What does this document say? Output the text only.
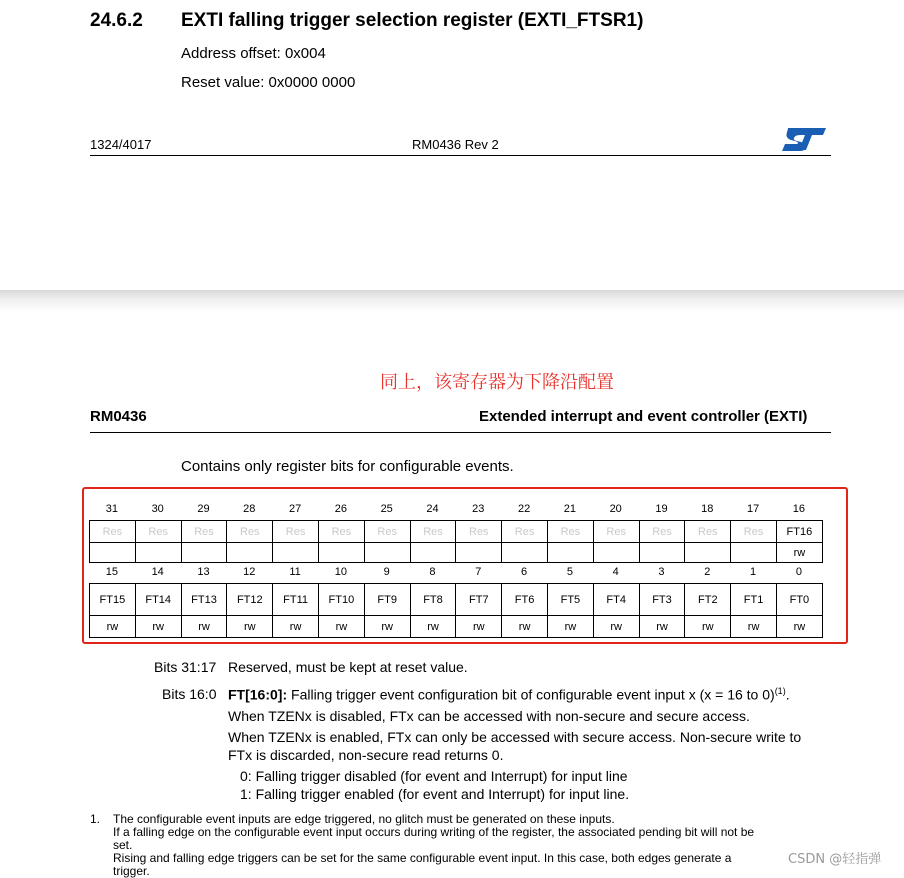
24.6.2 EXTI falling trigger selection register (EXTI_FTSR1)
Address offset: 0x004
Reset value: 0x0000 0000
1324/4017	RM0436 Rev 2
同上，该寄存器为下降沿配置
RM0436	Extended interrupt and event controller (EXTI)
Contains only register bits for configurable events.
31
Res
30
Res
29
Res
28
Res
27
Res
26
Res
25
Res
24
Res
23
Res
22
Res
21
Res
20
Res
19
Res
18
Res
17
Res
16
FT16
rw
15
FT15
rw
14
FT14
rw
13
FT13
rw
12
FT12
rw
11
FT11
rw
10
FT10
rw
9
FT9
rw
8
FT8
rw
7
FT7
rw
6
FT6
rw
5
FT5
rw
4
FT4
rw
3
FT3
rw
2
FT2
rw
1
FT1
rw
0
FT0
rw
Bits 31:17 Reserved, must be kept at reset value.
Bits 16:0 FT[16:0]: Falling trigger event configuration bit of configurable event input x (x = 16 to 0)$^{(1)}$.
When TZENx is disabled, FTx can be accessed with non-secure and secure access.
When TZENx is enabled, FTx can only be accessed with secure access. Non-secure write to
FTx is discarded, non-secure read returns 0.
0: Falling trigger disabled (for event and Interrupt) for input line
1: Falling trigger enabled (for event and Interrupt) for input line.
1. The configurable event inputs are edge triggered, no glitch must be generated on these inputs.
If a falling edge on the configurable event input occurs during writing of the register, the associated pending bit will not be
set.
Rising and falling edge triggers can be set for the same configurable event input. In this case, both edges generate a
trigger.
CSDN @轻指弹
